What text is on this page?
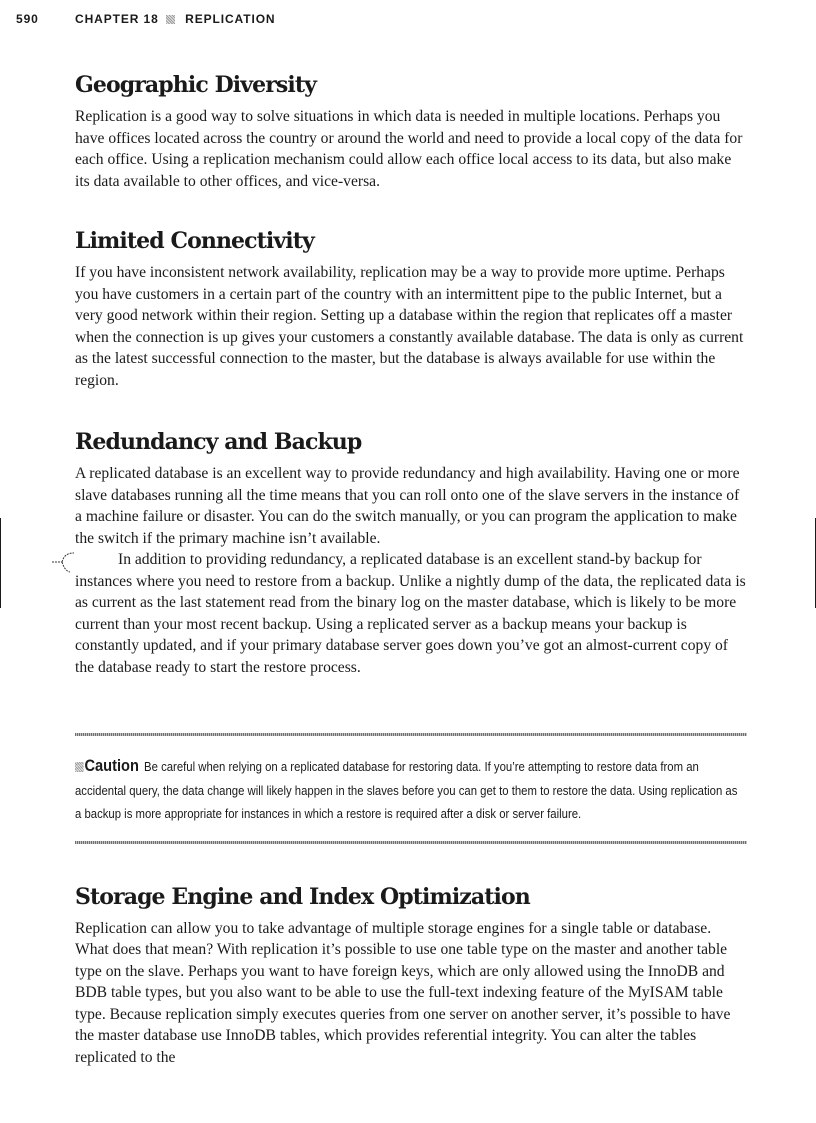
590	CHAPTER 18 REPLICATION
Geographic Diversity

Replication is a good way to solve situations in which data is needed in multiple locations. Perhaps you have offices located across the country or around the world and need to provide a local copy of the data for each office. Using a replication mechanism could allow each office local access to its data, but also make its data available to other offices, and vice-versa.

Limited Connectivity

If you have inconsistent network availability, replication may be a way to provide more uptime. Perhaps you have customers in a certain part of the country with an intermittent pipe to the public Internet, but a very good network within their region. Setting up a database within the region that replicates off a master when the connection is up gives your customers a constantly available database. The data is only as current as the latest successful connection to the master, but the database is always available for use within the region.

Redundancy and Backup

A replicated database is an excellent way to provide redundancy and high availability. Having one or more slave databases running all the time means that you can roll onto one of the slave servers in the instance of a machine failure or disaster. You can do the switch manually, or you can program the application to make the switch if the primary machine isn’t available.

In addition to providing redundancy, a replicated database is an excellent stand-by backup for instances where you need to restore from a backup. Unlike a nightly dump of the data, the replicated data is as current as the last statement read from the binary log on the master database, which is likely to be more current than your most recent backup. Using a replicated server as a backup means your backup is constantly updated, and if your primary database server goes down you’ve got an almost-current copy of the database ready to start the restore process.

Caution Be careful when relying on a replicated database for restoring data. If you’re attempting to restore data from an accidental query, the data change will likely happen in the slaves before you can get to them to restore the data. Using replication as a backup is more appropriate for instances in which a restore is required after a disk or server failure.
Storage Engine and Index Optimization

Replication can allow you to take advantage of multiple storage engines for a single table or database. What does that mean? With replication it’s possible to use one table type on the master and another table type on the slave. Perhaps you want to have foreign keys, which are only allowed using the InnoDB and BDB table types, but you also want to be able to use the full-text indexing feature of the MyISAM table type. Because replication simply executes queries from one server on another server, it’s possible to have the master database use InnoDB tables, which provides referential integrity. You can alter the tables replicated to the
